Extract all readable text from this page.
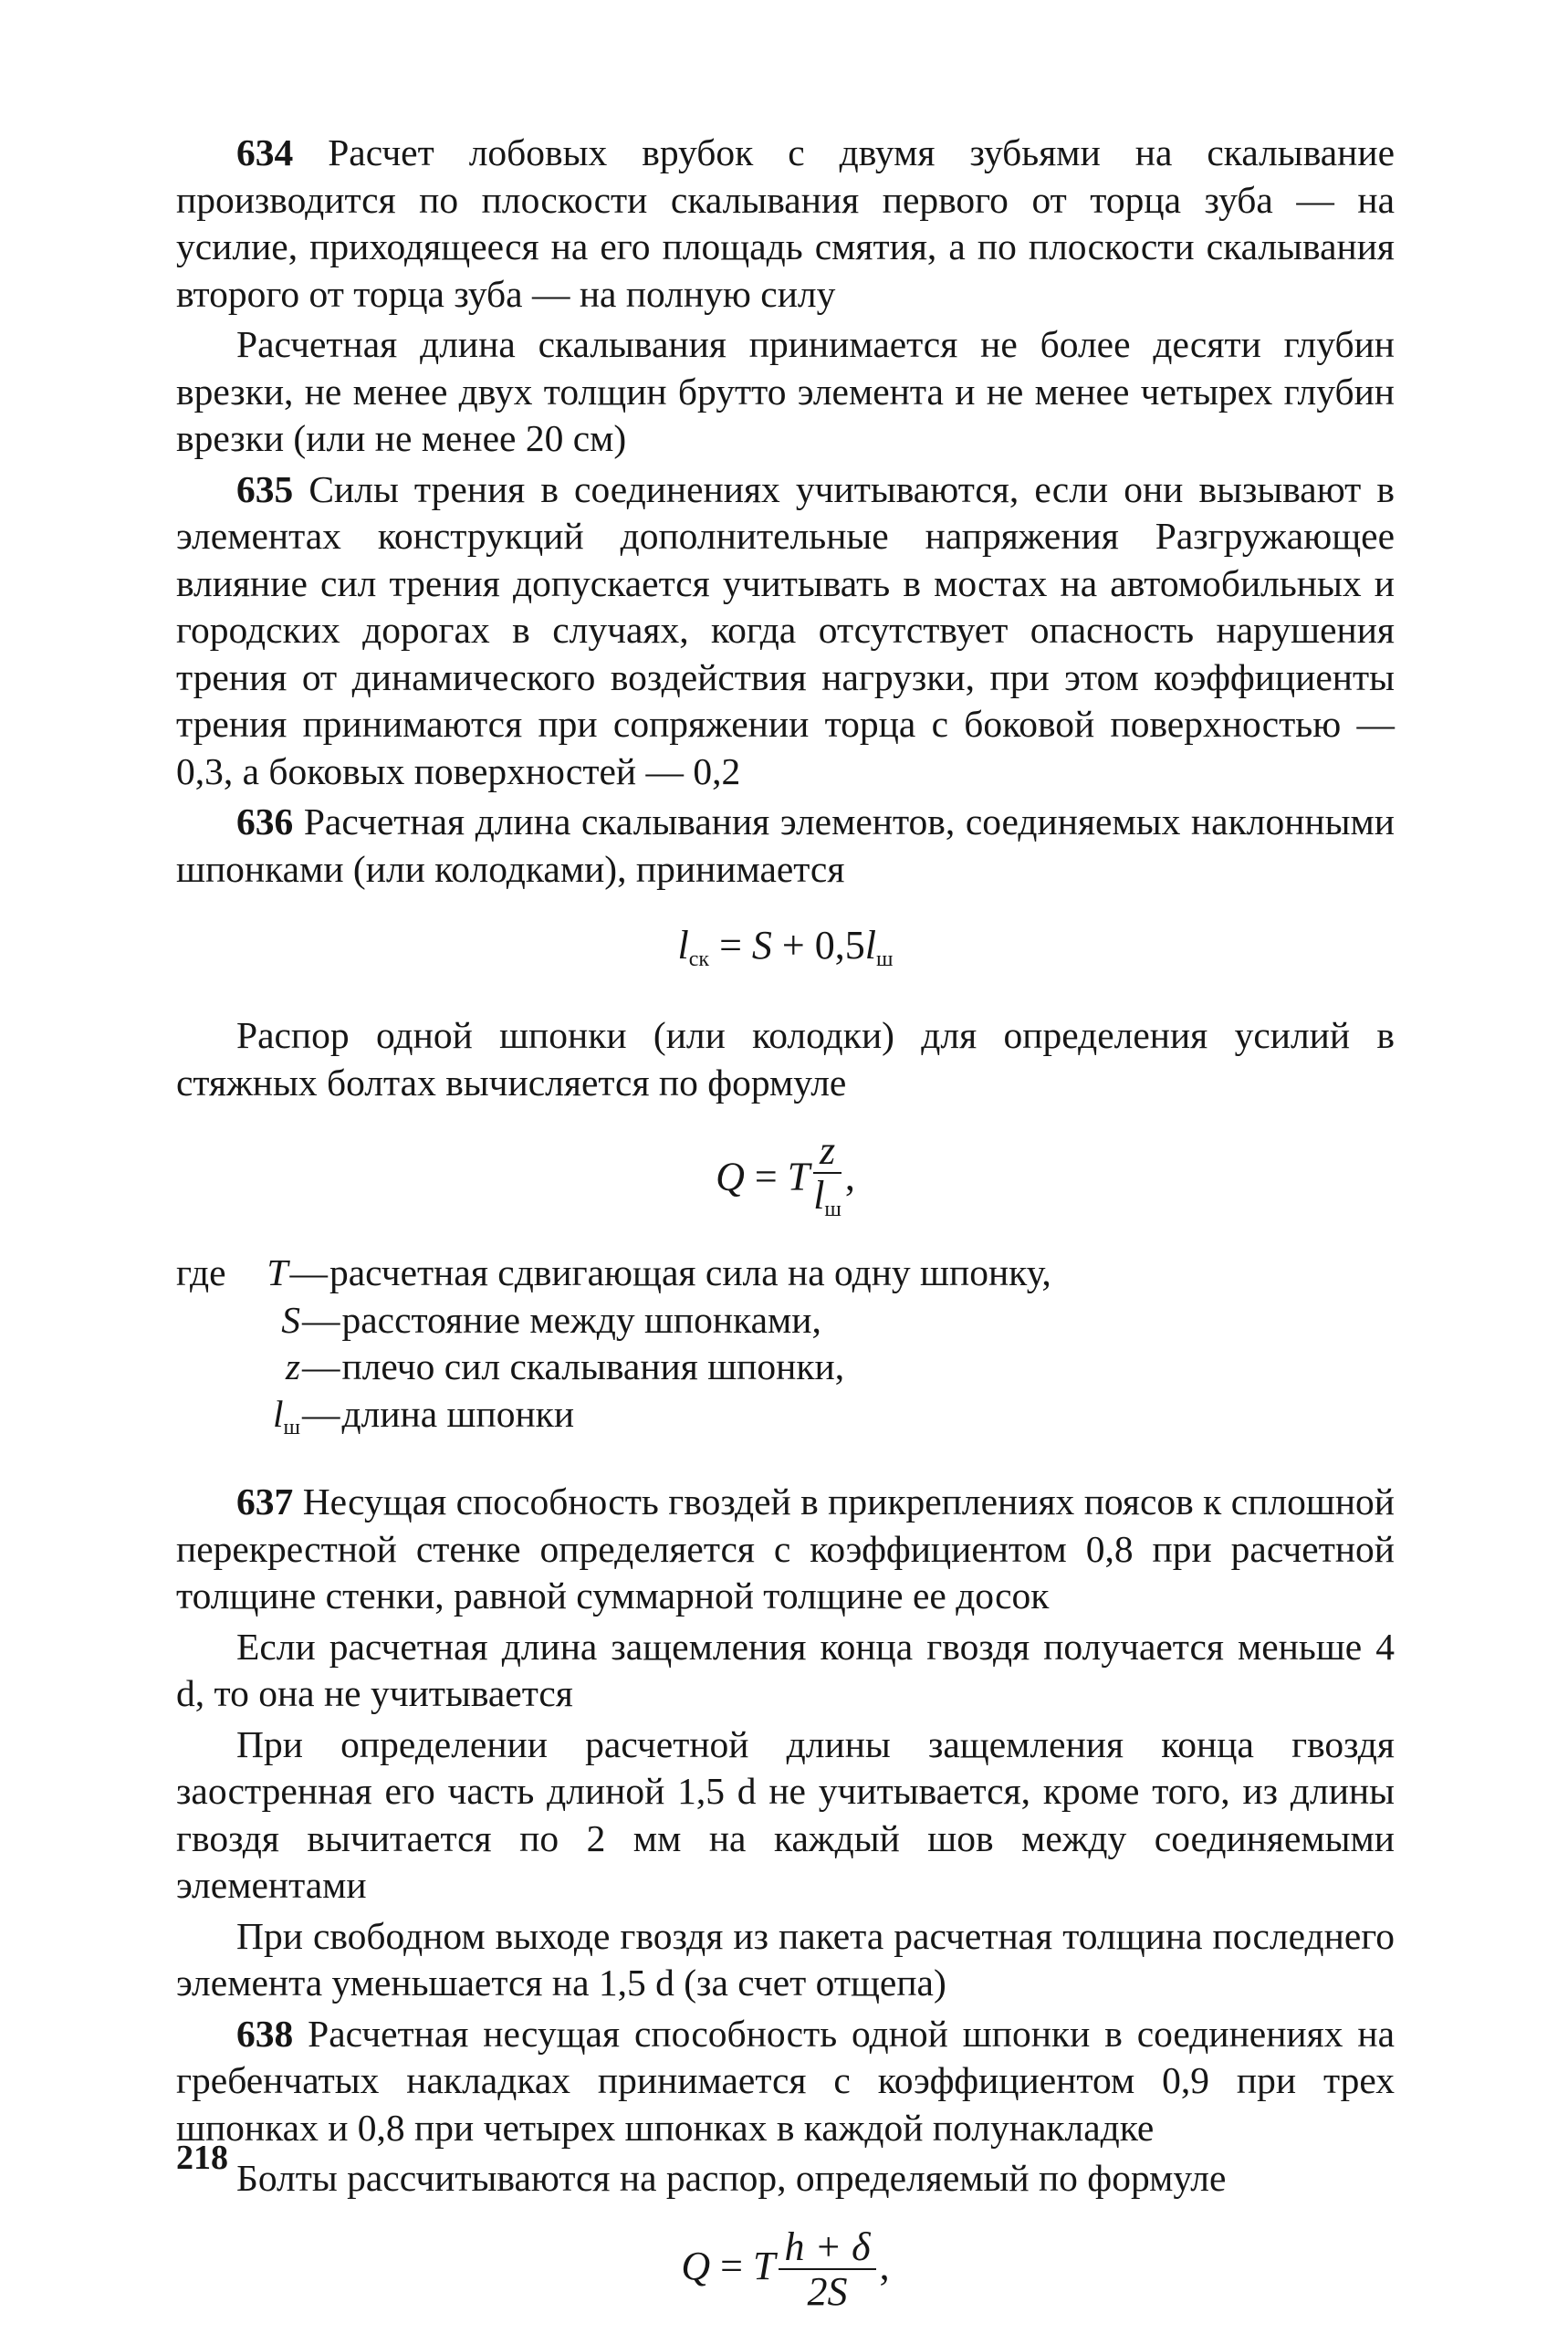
634 Расчет лобовых врубок с двумя зубьями на скалывание производится по плоскости скалывания первого от торца зуба — на усилие, приходящееся на его площадь смятия, а по плоскости скалывания второго от торца зуба — на полную силу

Расчетная длина скалывания принимается не более десяти глубин врезки, не менее двух толщин брутто элемента и не менее четырех глубин врезки (или не менее 20 см)

635 Силы трения в соединениях учитываются, если они вызывают в элементах конструкций дополнительные напряжения Разгружающее влияние сил трения допускается учитывать в мостах на автомобильных и городских дорогах в случаях, когда отсутствует опасность нарушения трения от динамического воздействия нагрузки, при этом коэффициенты трения принимаются при сопряжении торца с боковой поверхностью — 0,3, а боковых поверхностей — 0,2

636 Расчетная длина скалывания элементов, соединяемых наклонными шпонками (или колодками), принимается

$l_{ск} = S + 0,5l_ш$

Распор одной шпонки (или колодки) для определения усилий в стяжных болтах вычисляется по формуле

Q = T $\frac{z}{l_ш}$ ,
где	T — расчетная сдвигающая сила на одну шпонку,
S — расстояние между шпонками,
z — плечо сил скалывания шпонки,
$l_ш$ — длина шпонки

637 Несущая способность гвоздей в прикреплениях поясов к сплошной перекрестной стенке определяется с коэффициентом 0,8 при расчетной толщине стенки, равной суммарной толщине ее досок

Если расчетная длина защемления конца гвоздя получается меньше 4 d, то она не учитывается

При определении расчетной длины защемления конца гвоздя заостренная его часть длиной 1,5 d не учитывается, кроме того, из длины гвоздя вычитается по 2 мм на каждый шов между соединяемыми элементами

При свободном выходе гвоздя из пакета расчетная толщина последнего элемента уменьшается на 1,5 d (за счет отщепа)

638 Расчетная несущая способность одной шпонки в соединениях на гребенчатых накладках принимается с коэффициентом 0,9 при трех шпонках и 0,8 при четырех шпонках в каждой полунакладке

Болты рассчитываются на распор, определяемый по формуле

Q = T $\frac{h + \delta}{2S}$ ,
218
